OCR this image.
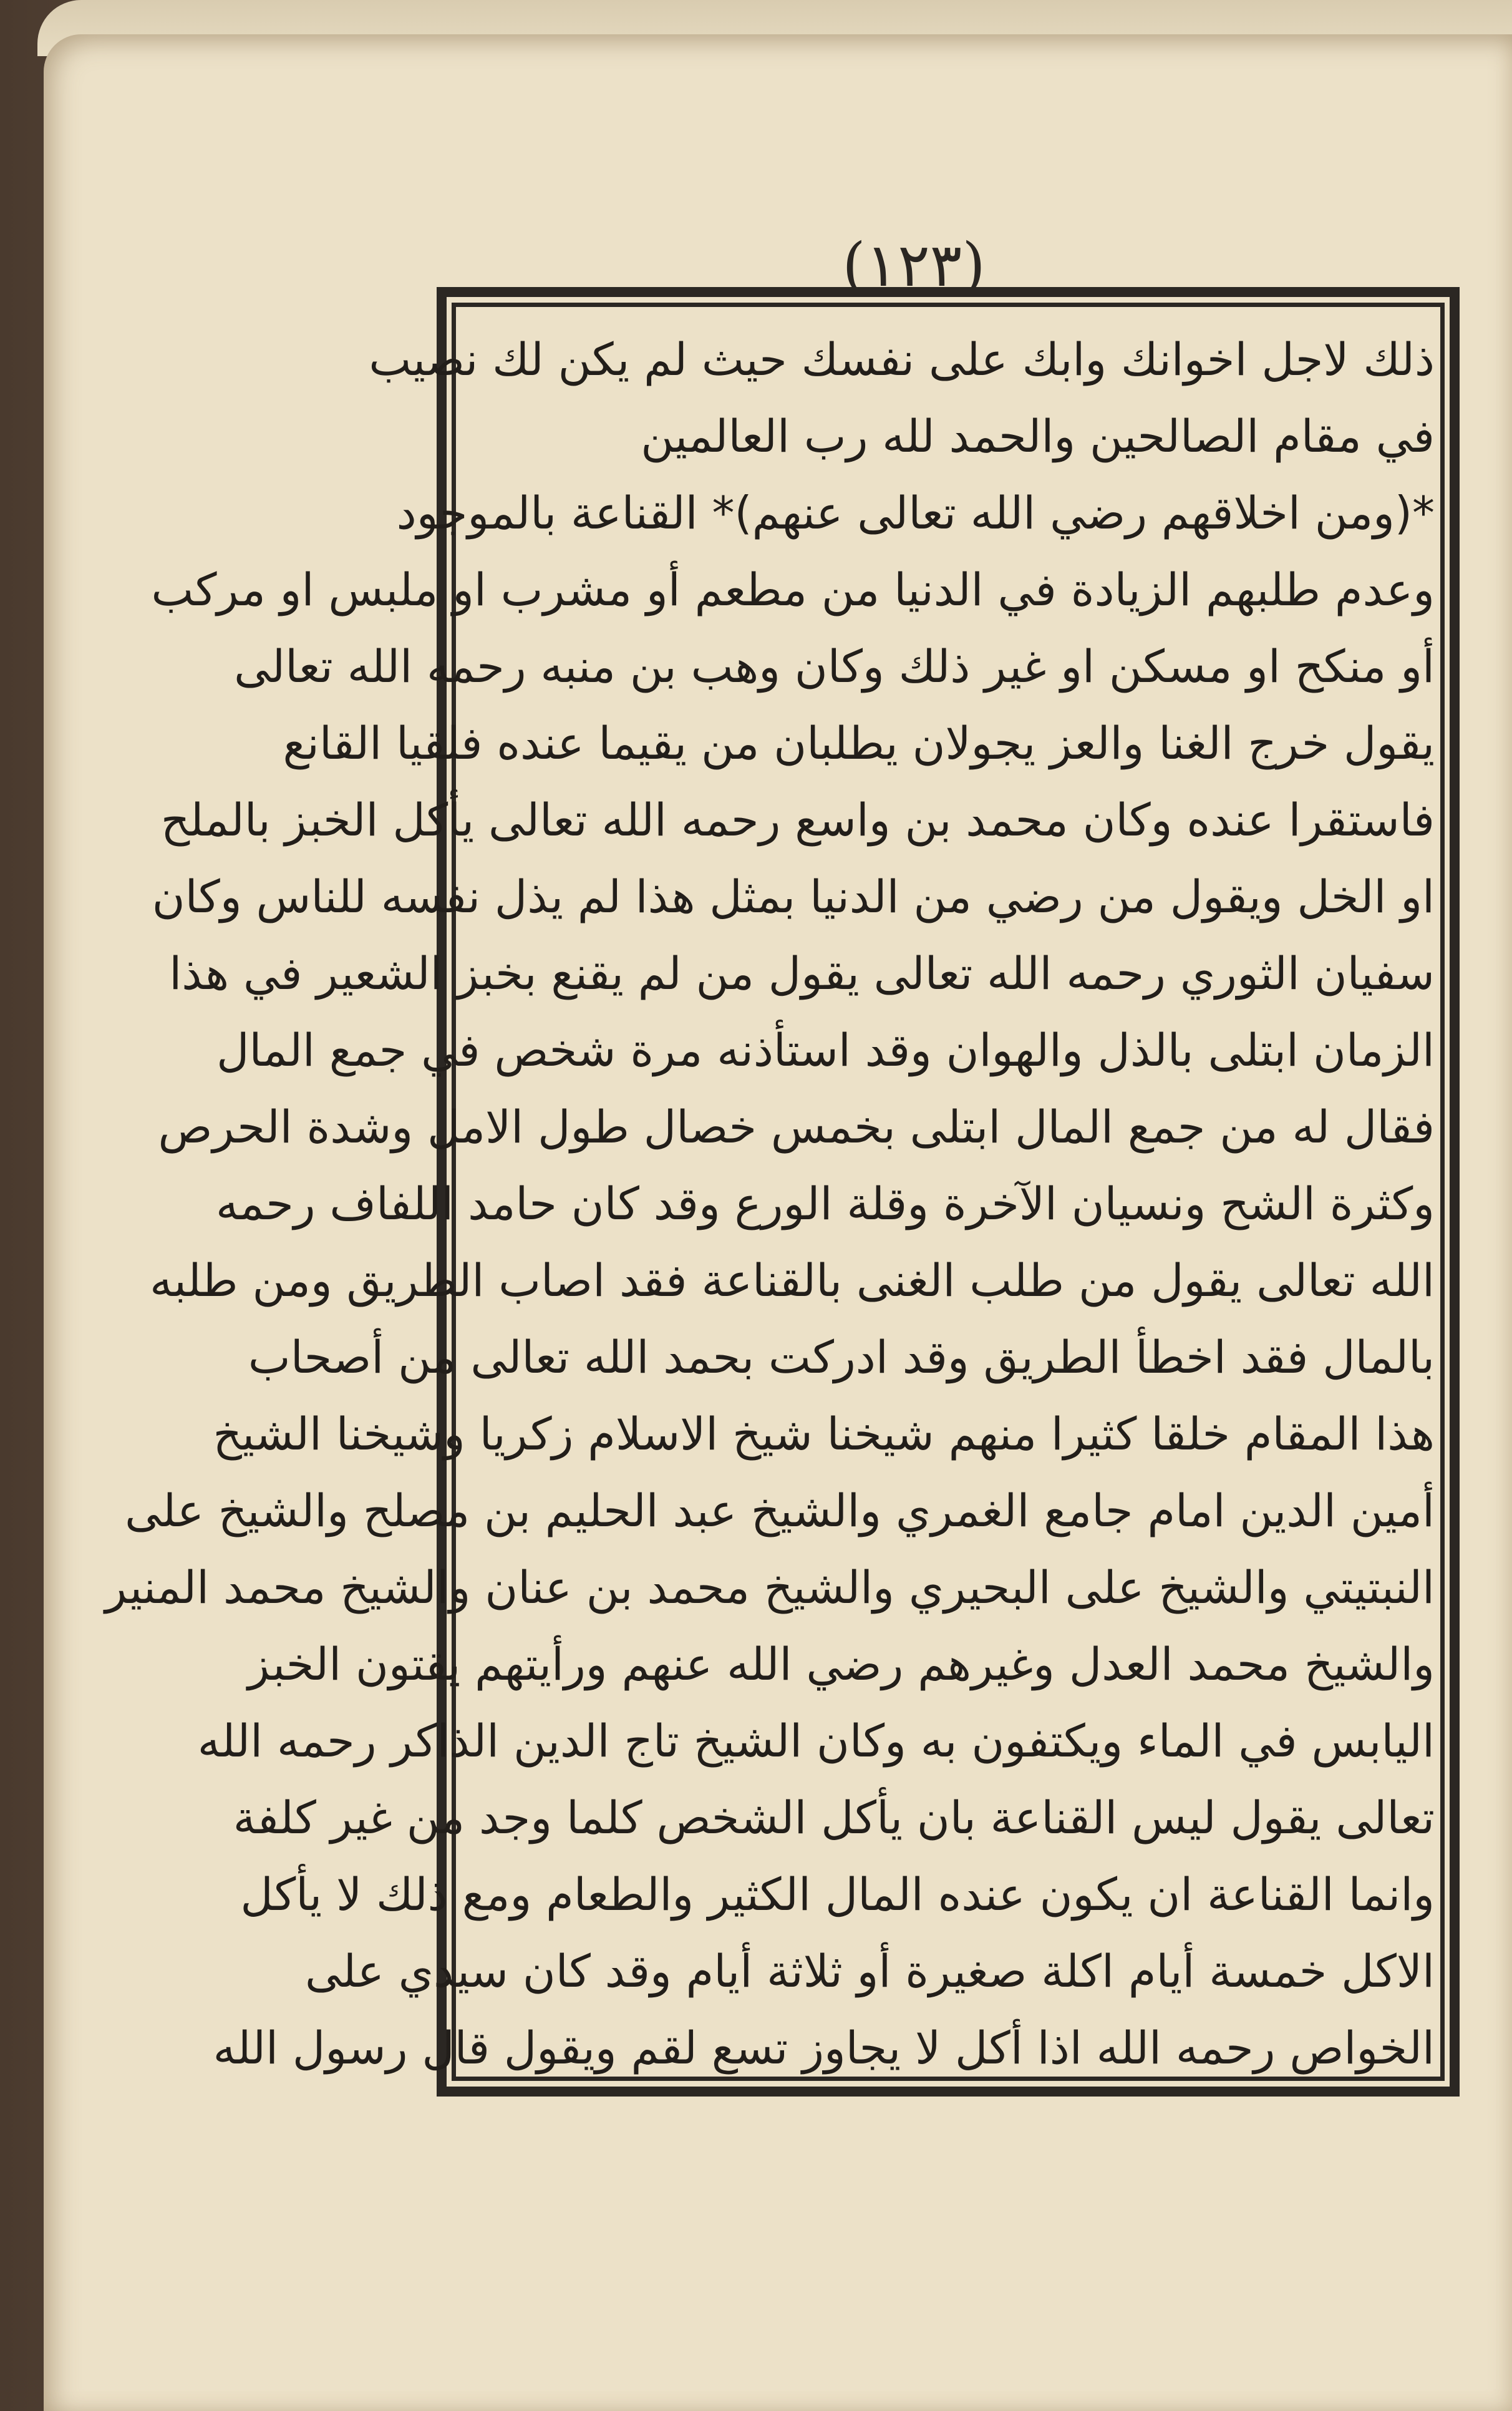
(١٢٣)
ذلك لاجل اخوانك وابك على نفسك حيث لم يكن لك نصيب
في مقام الصالحين والحمد لله رب العالمين
*(ومن اخلاقهم رضي الله تعالى عنهم)* القناعة بالموجود
وعدم طلبهم الزيادة في الدنيا من مطعم أو مشرب او ملبس او مركب
أو منكح او مسكن او غير ذلك وكان وهب بن منبه رحمه الله تعالى
يقول خرج الغنا والعز يجولان يطلبان من يقيما عنده فلقيا القانع
فاستقرا عنده وكان محمد بن واسع رحمه الله تعالى يأكل الخبز بالملح
او الخل ويقول من رضي من الدنيا بمثل هذا لم يذل نفسه للناس وكان
سفيان الثوري رحمه الله تعالى يقول من لم يقنع بخبز الشعير في هذا
الزمان ابتلى بالذل والهوان وقد استأذنه مرة شخص في جمع المال
فقال له من جمع المال ابتلى بخمس خصال طول الامل وشدة الحرص
وكثرة الشح ونسيان الآخرة وقلة الورع وقد كان حامد اللفاف رحمه
الله تعالى يقول من طلب الغنى بالقناعة فقد اصاب الطريق ومن طلبه
بالمال فقد اخطأ الطريق وقد ادركت بحمد الله تعالى من أصحاب
هذا المقام خلقا كثيرا منهم شيخنا شيخ الاسلام زكريا وشيخنا الشيخ
أمين الدين امام جامع الغمري والشيخ عبد الحليم بن مصلح والشيخ على
النبتيتي والشيخ على البحيري والشيخ محمد بن عنان والشيخ محمد المنير
والشيخ محمد العدل وغيرهم رضي الله عنهم ورأيتهم يقتون الخبز
اليابس في الماء ويكتفون به وكان الشيخ تاج الدين الذاكر رحمه الله
تعالى يقول ليس القناعة بان يأكل الشخص كلما وجد من غير كلفة
وانما القناعة ان يكون عنده المال الكثير والطعام ومع ذلك لا يأكل
الاكل خمسة أيام اكلة صغيرة أو ثلاثة أيام وقد كان سيدي على
الخواص رحمه الله اذا أكل لا يجاوز تسع لقم ويقول قال رسول الله
